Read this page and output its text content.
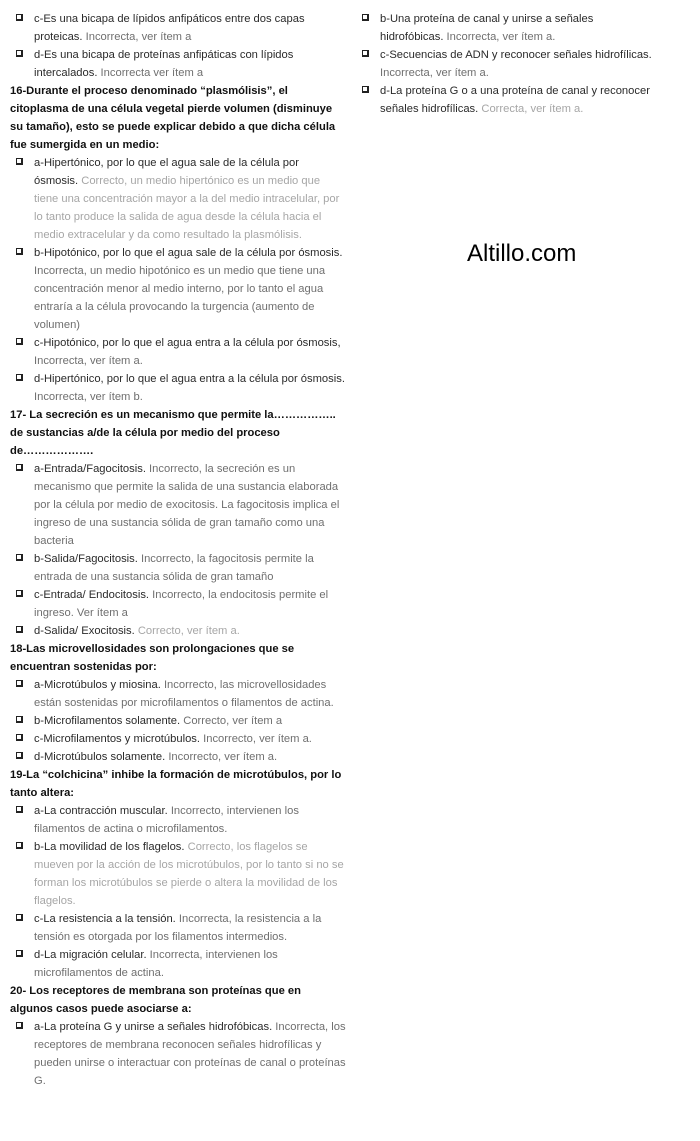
c-Es una bicapa de lípidos anfipáticos entre dos capas proteicas. Incorrecta, ver ítem a
d-Es una bicapa de proteínas anfipáticas con lípidos intercalados. Incorrecta ver ítem a
16-Durante el proceso denominado “plasmólisis”, el citoplasma de una célula vegetal pierde volumen (disminuye su tamaño), esto se puede explicar debido a que dicha célula fue sumergida en un medio:
a-Hipertónico, por lo que el agua sale de la célula por ósmosis. Correcto, un medio hipertónico es un medio que tiene una concentración mayor a la del medio intracelular, por lo tanto produce la salida de agua desde la célula hacia el medio extracelular y da como resultado la plasmólisis.
b-Hipotónico, por lo que el agua sale de la célula por ósmosis. Incorrecta, un medio hipotónico es un medio que tiene una concentración menor al medio interno, por lo tanto el agua entraría a la célula provocando la turgencia (aumento de volumen)
c-Hipotónico, por lo que el agua entra a la célula por ósmosis, Incorrecta, ver ítem a.
d-Hipertónico, por lo que el agua entra a la célula por ósmosis. Incorrecta, ver ítem b.
17- La secreción es un mecanismo que permite la…………….. de sustancias a/de la célula por medio del proceso de……………….
a-Entrada/Fagocitosis. Incorrecto, la secreción es un mecanismo que permite la salida de una sustancia elaborada por la célula por medio de exocitosis. La fagocitosis implica el ingreso de una sustancia sólida de gran tamaño como una bacteria
b-Salida/Fagocitosis. Incorrecto, la fagocitosis permite la entrada de una sustancia sólida de gran tamaño
c-Entrada/ Endocitosis. Incorrecto, la endocitosis permite el ingreso. Ver ítem a
d-Salida/ Exocitosis. Correcto, ver ítem a.
18-Las microvellosidades son prolongaciones que se encuentran sostenidas por:
a-Microtúbulos y miosina. Incorrecto, las microvellosidades están sostenidas por microfilamentos o filamentos de actina.
b-Microfilamentos solamente. Correcto, ver ítem a
c-Microfilamentos y microtúbulos. Incorrecto, ver ítem a.
d-Microtúbulos solamente. Incorrecto, ver ítem a.
19-La “colchicina” inhibe la formación de microtúbulos, por lo tanto altera:
a-La contracción muscular. Incorrecto, intervienen los filamentos de actina o microfilamentos.
b-La movilidad de los flagelos. Correcto, los flagelos se mueven por la acción de los microtúbulos, por lo tanto si no se forman los microtúbulos se pierde o altera la movilidad de los flagelos.
c-La resistencia a la tensión. Incorrecta, la resistencia a la tensión es otorgada por los filamentos intermedios.
d-La migración celular. Incorrecta, intervienen los microfilamentos de actina.
20- Los receptores de membrana son proteínas que en algunos casos puede asociarse a:
a-La proteína G y unirse a señales hidrofóbicas. Incorrecta, los receptores de membrana reconocen señales hidrofílicas y pueden unirse o interactuar con proteínas de canal o proteínas G.
b-Una proteína de canal y unirse a señales hidrofóbicas. Incorrecta, ver ítem a.
c-Secuencias de ADN y reconocer señales hidrofílicas. Incorrecta, ver ítem a.
d-La proteína G o a una proteína de canal y reconocer señales hidrofílicas. Correcta, ver ítem a.
Altillo.com
